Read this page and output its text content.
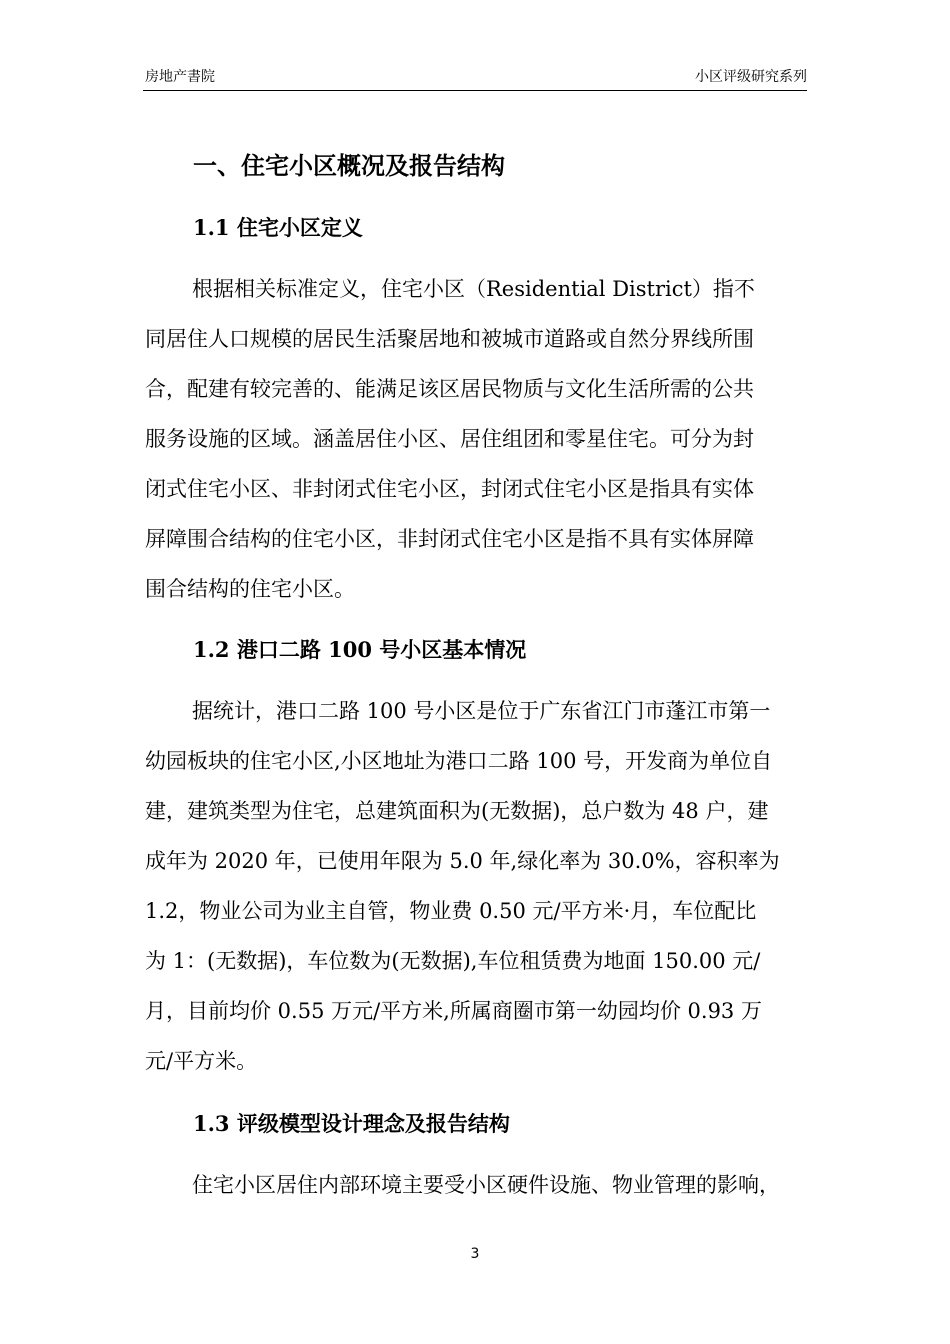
房地产書院	小区评级研究系列
一、住宅小区概况及报告结构
1.1 住宅小区定义
根据相关标准定义，住宅小区（Residential District）指不
同居住人口规模的居民生活聚居地和被城市道路或自然分界线所围
合，配建有较完善的、能满足该区居民物质与文化生活所需的公共
服务设施的区域。涵盖居住小区、居住组团和零星住宅。可分为封
闭式住宅小区、非封闭式住宅小区，封闭式住宅小区是指具有实体
屏障围合结构的住宅小区，非封闭式住宅小区是指不具有实体屏障
围合结构的住宅小区。
1.2 港口二路 100 号小区基本情况
据统计，港口二路 100 号小区是位于广东省江门市蓬江市第一
幼园板块的住宅小区,小区地址为港口二路 100 号，开发商为单位自
建，建筑类型为住宅，总建筑面积为(无数据)，总户数为 48 户，建
成年为 2020 年，已使用年限为 5.0 年,绿化率为 30.0%，容积率为
1.2，物业公司为业主自管，物业费 0.50 元/平方米·月，车位配比
为 1：(无数据)，车位数为(无数据),车位租赁费为地面 150.00 元/
月，目前均价 0.55 万元/平方米,所属商圈市第一幼园均价 0.93 万
元/平方米。
1.3 评级模型设计理念及报告结构
住宅小区居住内部环境主要受小区硬件设施、物业管理的影响，
3
